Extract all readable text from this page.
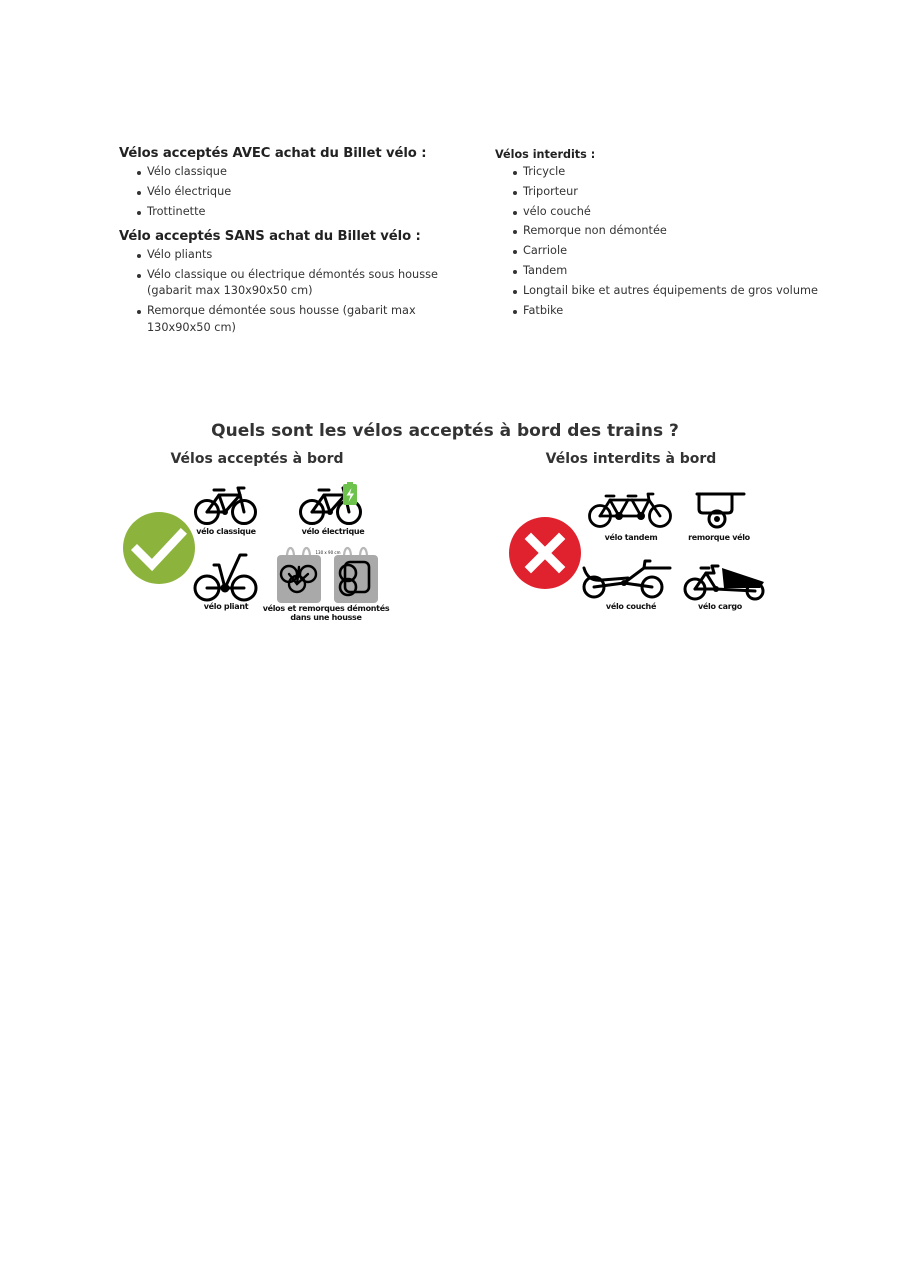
Vélos acceptés AVEC achat du Billet vélo :
Vélo classique
Vélo électrique
Trottinette
Vélo acceptés SANS achat du Billet vélo :
Vélo pliants
Vélo classique ou électrique démontés sous housse (gabarit max 130x90x50 cm)
Remorque démontée sous housse (gabarit max 130x90x50 cm)
Vélos interdits :
Tricycle
Triporteur
vélo couché
Remorque non démontée
Carriole
Tandem
Longtail bike et autres équipements de gros volume
Fatbike
Quels sont les vélos acceptés à bord des trains ?
Vélos acceptés à bord	Vélos interdits à bord
vélo classique	vélo électrique
vélo pliant
130 x 90 cm
vélos et remorques démontés
dans une housse
vélo tandem	remorque vélo
vélo couché	vélo cargo
